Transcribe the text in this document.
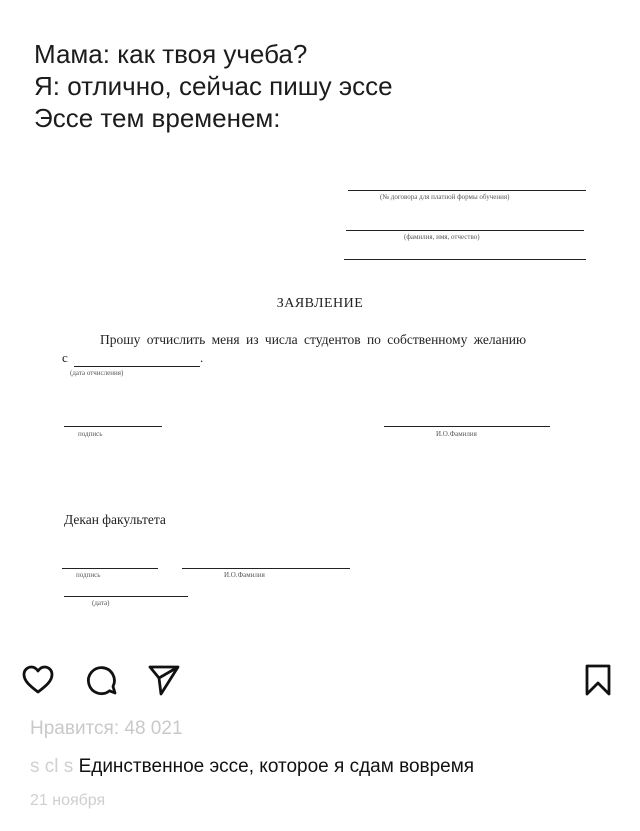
Мама: как твоя учеба?
Я: отлично, сейчас пишу эссе
Эссе тем временем:
(№ договора для платной формы обучения)
(фамилия, имя, отчество)
ЗАЯВЛЕНИЕ
Прошу отчислить меня из числа студентов по собственному желанию
с	.
(дата отчисления)
подпись	И.О.Фамилия
Декан факультета
подпись	И.О.Фамилия
(дата)
Нравится: 48 021
s cl s Единственное эссе, которое я сдам вовремя
21 ноября
